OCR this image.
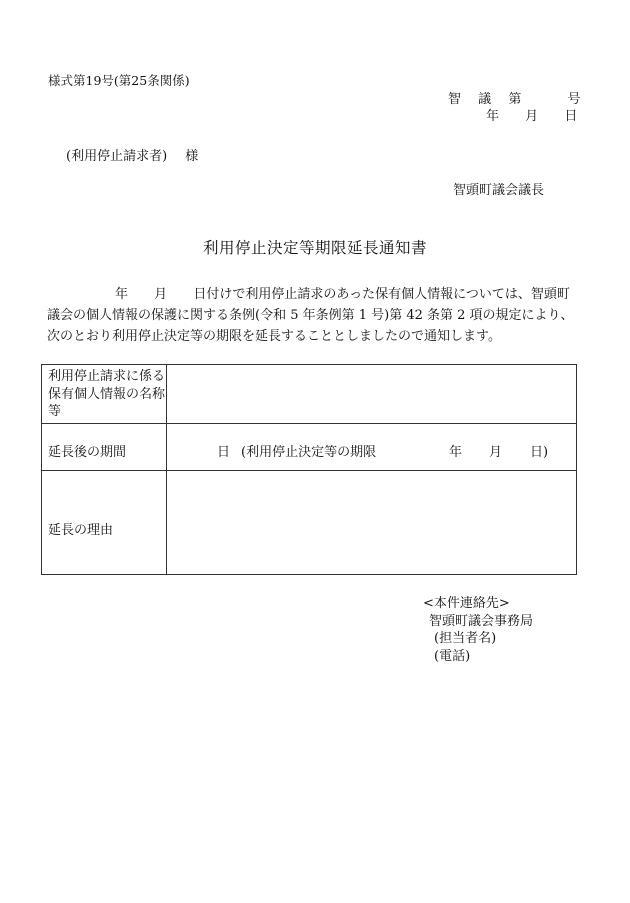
様式第19号(第25条関係)
智 議 第	号
年 月 日
(利用停止請求者) 様
智頭町議会議長
利用停止決定等期限延長通知書

年 月 日付けで利用停止請求のあった保有個人情報については、智頭町

議会の個人情報の保護に関する条例(令和 5 年条例第 1 号)第 42 条第 2 項の規定により、

次のとおり利用停止決定等の期限を延長することとしましたので通知します。

利用停止請求に係る保有個人情報の名称等
延長後の期間	日 (利用停止決定等の期限	年 月 日)
延長の理由
<本件連絡先>
智頭町議会事務局
(担当者名)
(電話)
